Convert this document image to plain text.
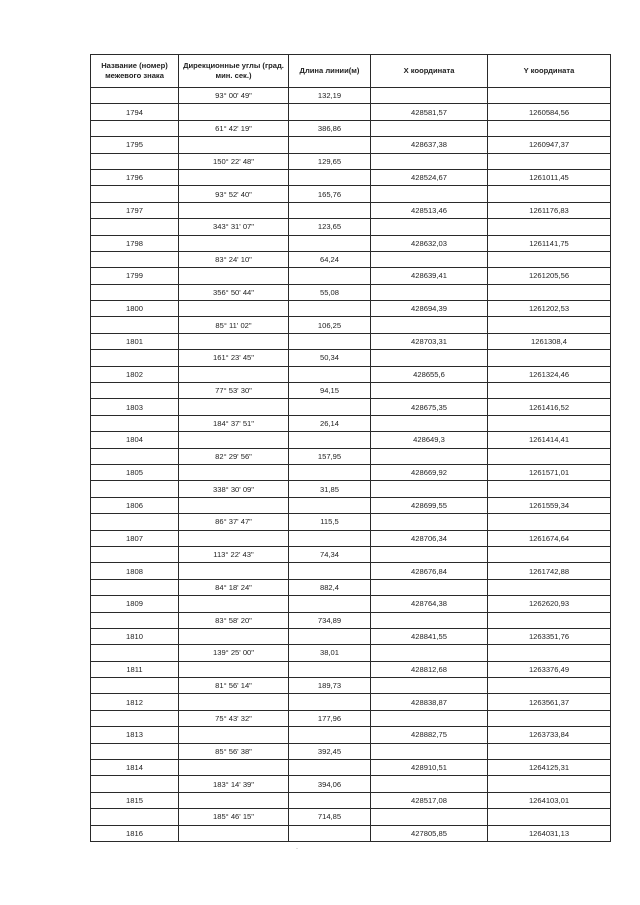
Название (номер) межевого знака	Дирекционные углы (град. мин. сек.)	Длина линии(м)	Х координата	Y координата
	93° 00' 49"	132,19		
1794			428581,57	1260584,56
	61° 42' 19"	386,86		
1795			428637,38	1260947,37
	150° 22' 48"	129,65		
1796			428524,67	1261011,45
	93° 52' 40"	165,76		
1797			428513,46	1261176,83
	343° 31' 07"	123,65		
1798			428632,03	1261141,75
	83° 24' 10"	64,24		
1799			428639,41	1261205,56
	356° 50' 44"	55,08		
1800			428694,39	1261202,53
	85° 11' 02"	106,25		
1801			428703,31	1261308,4
	161° 23' 45"	50,34		
1802			428655,6	1261324,46
	77° 53' 30"	94,15		
1803			428675,35	1261416,52
	184° 37' 51"	26,14		
1804			428649,3	1261414,41
	82° 29' 56"	157,95		
1805			428669,92	1261571,01
	338° 30' 09"	31,85		
1806			428699,55	1261559,34
	86° 37' 47"	115,5		
1807			428706,34	1261674,64
	113° 22' 43"	74,34		
1808			428676,84	1261742,88
	84° 18' 24"	882,4		
1809			428764,38	1262620,93
	83° 58' 20"	734,89		
1810			428841,55	1263351,76
	139° 25' 00"	38,01		
1811			428812,68	1263376,49
	81° 56' 14"	189,73		
1812			428838,87	1263561,37
	75° 43' 32"	177,96		
1813			428882,75	1263733,84
	85° 56' 38"	392,45		
1814			428910,51	1264125,31
	183° 14' 39"	394,06		
1815			428517,08	1264103,01
	185° 46' 15"	714,85		
1816			427805,85	1264031,13
·
